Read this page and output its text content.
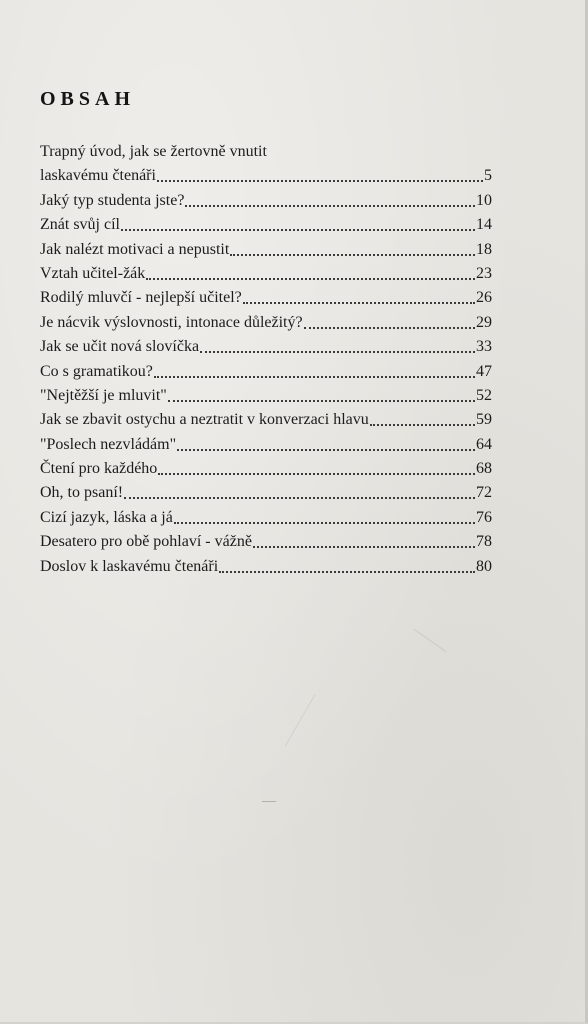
OBSAH
Trapný úvod, jak se žertovně vnutit
laskavému čtenáři	5
Jaký typ studenta jste?	10
Znát svůj cíl	14
Jak nalézt motivaci a nepustit	18
Vztah učitel-žák	23
Rodilý mluvčí - nejlepší učitel?	26
Je nácvik výslovnosti, intonace důležitý?	29
Jak se učit nová slovíčka	33
Co s gramatikou?	47
"Nejtěžší je mluvit"	52
Jak se zbavit ostychu a neztratit v konverzaci hlavu	59
"Poslech nezvládám"	64
Čtení pro každého	68
Oh, to psaní!	72
Cizí jazyk, láska a já	76
Desatero pro obě pohlaví - vážně	78
Doslov k laskavému čtenáři	80
